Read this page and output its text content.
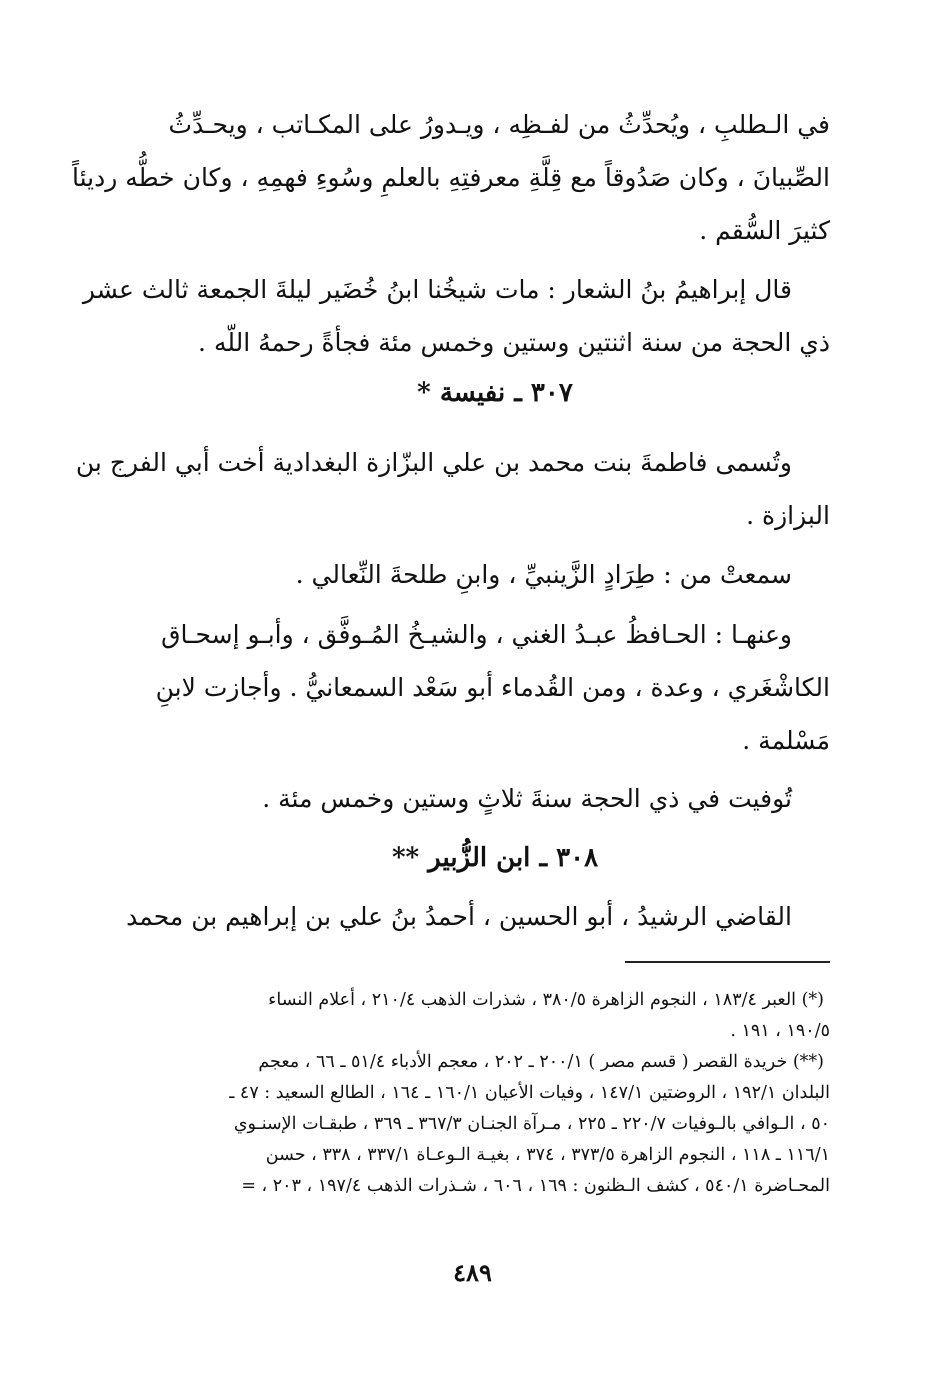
في الـطلبِ ، ويُحدِّثُ من لفـظِه ، ويـدورُ على المكـاتب ، ويحـدِّثُ
الصِّبيانَ ، وكان صَدُوقاً مع قِلَّةِ معرفتِهِ بالعلمِ وسُوءِ فهمِهِ ، وكان خطُّه رديئاً
كثيرَ السُّقم .
قال إبراهيمُ بنُ الشعار : مات شيخُنا ابنُ خُضَير ليلةَ الجمعة ثالث عشر
ذي الحجة من سنة اثنتين وستين وخمس مئة فجأةً رحمهُ اللّه .
٣٠٧ ـ نفيسة *
وتُسمى فاطمةَ بنت محمد بن علي البزّازة البغدادية أخت أبي الفرج بن
البزازة .
سمعتْ من : طِرَادٍ الزَّينبيِّ ، وابنِ طلحةَ النِّعالي .
وعنهـا : الحـافظُ عبـدُ الغني ، والشيـخُ المُـوفَّق ، وأبـو إسحـاق
الكاشْغَري ، وعدة ، ومن القُدماء أبو سَعْد السمعانيُّ . وأجازت لابنِ
مَسْلمة .
تُوفيت في ذي الحجة سنةَ ثلاثٍ وستين وخمس مئة .
٣٠٨ ـ ابن الزُّبير **
القاضي الرشيدُ ، أبو الحسين ، أحمدُ بنُ علي بن إبراهيم بن محمد
(*) العبر ١٨٣/٤ ، النجوم الزاهرة ٣٨٠/٥ ، شذرات الذهب ٢١٠/٤ ، أعلام النساء
١٩٠/٥ ، ١٩١ .
(**) خريدة القصر ( قسم مصر ) ٢٠٠/١ ـ ٢٠٢ ، معجم الأدباء ٥١/٤ ـ ٦٦ ، معجم
البلدان ١٩٢/١ ، الروضتين ١٤٧/١ ، وفيات الأعيان ١٦٠/١ ـ ١٦٤ ، الطالع السعيد : ٤٧ ـ
٥٠ ، الـوافي بالـوفيات ٢٢٠/٧ ـ ٢٢٥ ، مـرآة الجنـان ٣٦٧/٣ ـ ٣٦٩ ، طبقـات الإسنـوي
١١٦/١ ـ ١١٨ ، النجوم الزاهرة ٣٧٣/٥ ، ٣٧٤ ، بغيـة الـوعـاة ٣٣٧/١ ، ٣٣٨ ، حسن
المحـاضرة ٥٤٠/١ ، كشف الـظنون : ١٦٩ ، ٦٠٦ ، شـذرات الذهب ١٩٧/٤ ، ٢٠٣ ، =
٤٨٩
